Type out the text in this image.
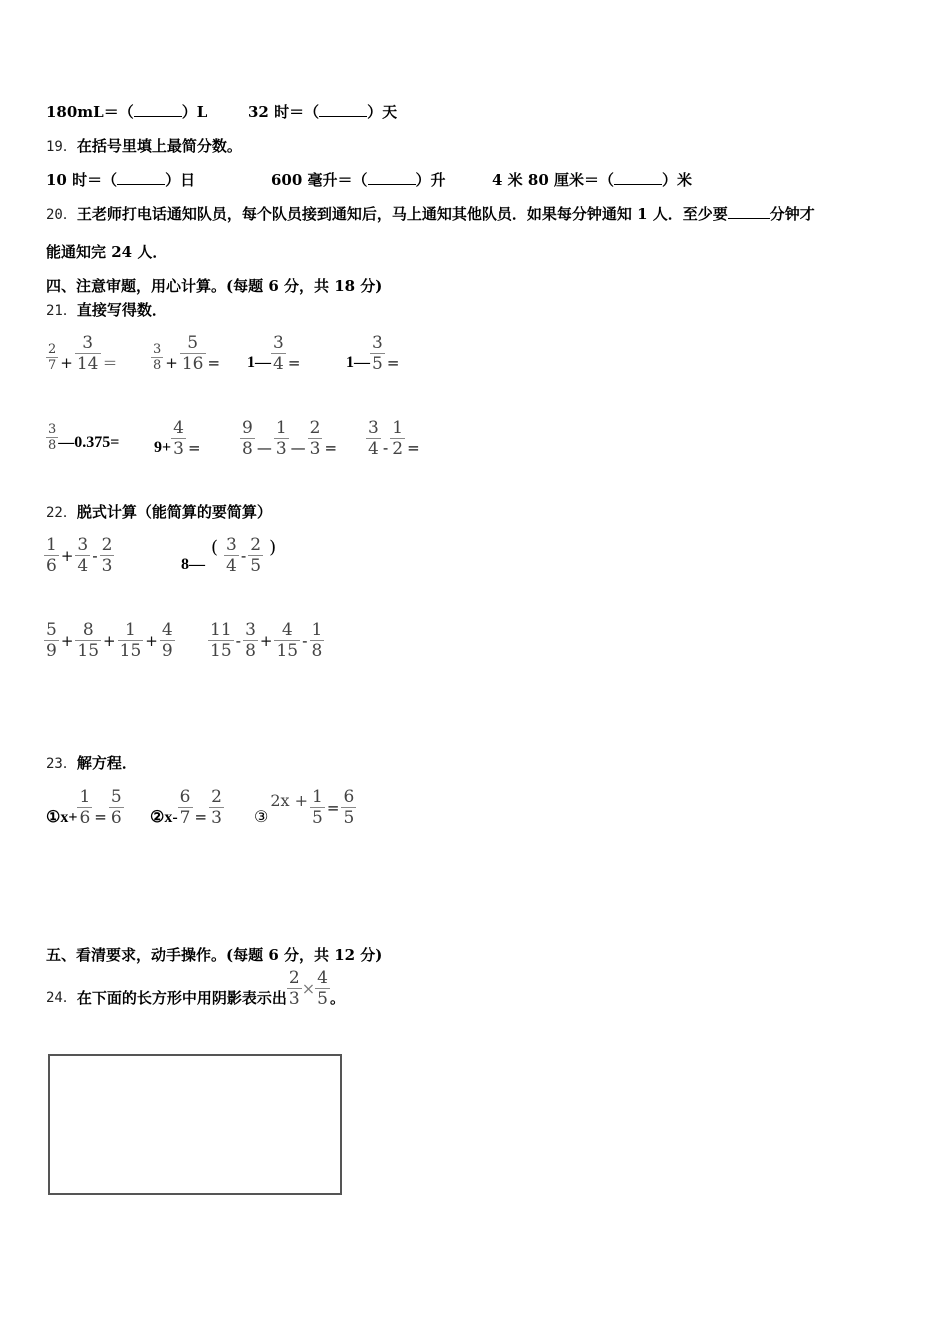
180mL＝（	）L	32 时＝（	）天
19．在括号里填上最简分数。
10 时＝（	）日	600 毫升＝（	）升	4 米 80 厘米＝（	）米
20．王老师打电话通知队员，每个队员接到通知后，马上通知其他队员．如果每分钟通知 1 人．至少要	分钟才
能通知完 24 人．
四、注意审题，用心计算。(每题 6 分，共 18 分)
21．直接写得数．
$\frac{2}{7} + \frac{3}{14}$ ＝	$\frac{3}{8} + \frac{5}{16}$ = 1— $\frac{3}{4}$ =	1— $\frac{3}{5}$ =
$\frac{3}{8}$ —0.375= $9+ \frac{4}{3} = \frac{9}{8}$ — $\frac{1}{3}$ — $\frac{2}{3} = \frac{3}{4} - \frac{1}{2}$ =
22．脱式计算（能简算的要简算）
$\frac{1}{6} + \frac{3}{4} - \frac{2}{3}$	8—
( $\frac{3}{4} - \frac{2}{5}$ )
$\frac{5}{9} + \frac{8}{15} + \frac{1}{15} + \frac{4}{9} \frac{11}{15} - \frac{3}{8} + \frac{4}{15} - \frac{1}{8}$
23．解方程．
①x+ $\frac{1}{6} = \frac{5}{6}$ ②x- $\frac{6}{7} = \frac{2}{3}$ ③
$2x + \frac{1}{5} = \frac{6}{5}$
五、看清要求，动手操作。(每题 6 分，共 12 分)
24． 在下面的长方形中用阴影表示出 $\frac{2}{3} \times \frac{4}{5}$ 。
